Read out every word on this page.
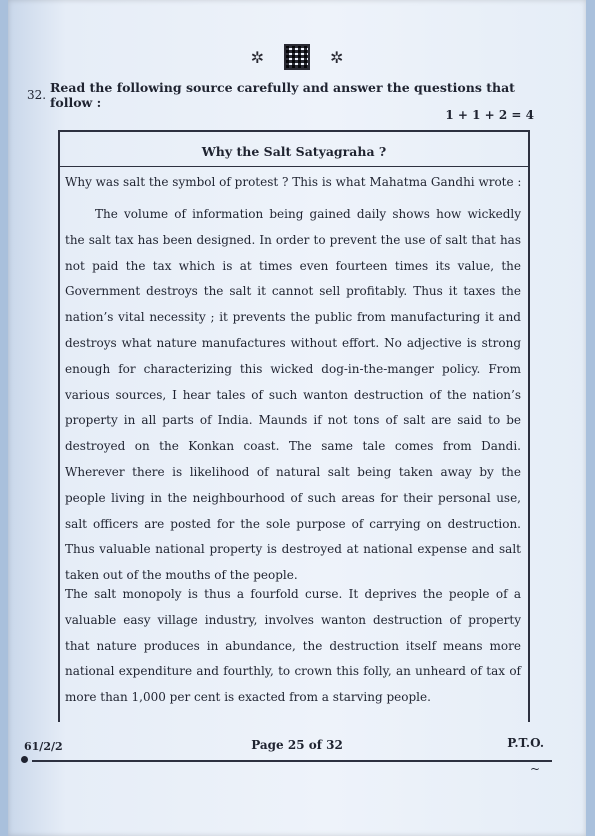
✲	✲
32. Read the following source carefully and answer the questions that follow :
1 + 1 + 2 = 4
Why the Salt Satyagraha ?
Why was salt the symbol of protest ? This is what Mahatma Gandhi wrote :
The volume of information being gained daily shows how wickedly the salt tax has been designed. In order to prevent the use of salt that has not paid the tax which is at times even fourteen times its value, the Government destroys the salt it cannot sell profitably. Thus it taxes the nation’s vital necessity ; it prevents the public from manufacturing it and destroys what nature manufactures without effort. No adjective is strong enough for characterizing this wicked dog-in-the-manger policy. From various sources, I hear tales of such wanton destruction of the nation’s property in all parts of India. Maunds if not tons of salt are said to be destroyed on the Konkan coast. The same tale comes from Dandi. Wherever there is likelihood of natural salt being taken away by the people living in the neighbourhood of such areas for their personal use, salt officers are posted for the sole purpose of carrying on destruction. Thus valuable national property is destroyed at national expense and salt taken out of the mouths of the people.
The salt monopoly is thus a fourfold curse. It deprives the people of a valuable easy village industry, involves wanton destruction of property that nature produces in abundance, the destruction itself means more national expenditure and fourthly, to crown this folly, an unheard of tax of more than 1,000 per cent is exacted from a starving people.
61/2/2	Page 25 of 32	P.T.O.
~
